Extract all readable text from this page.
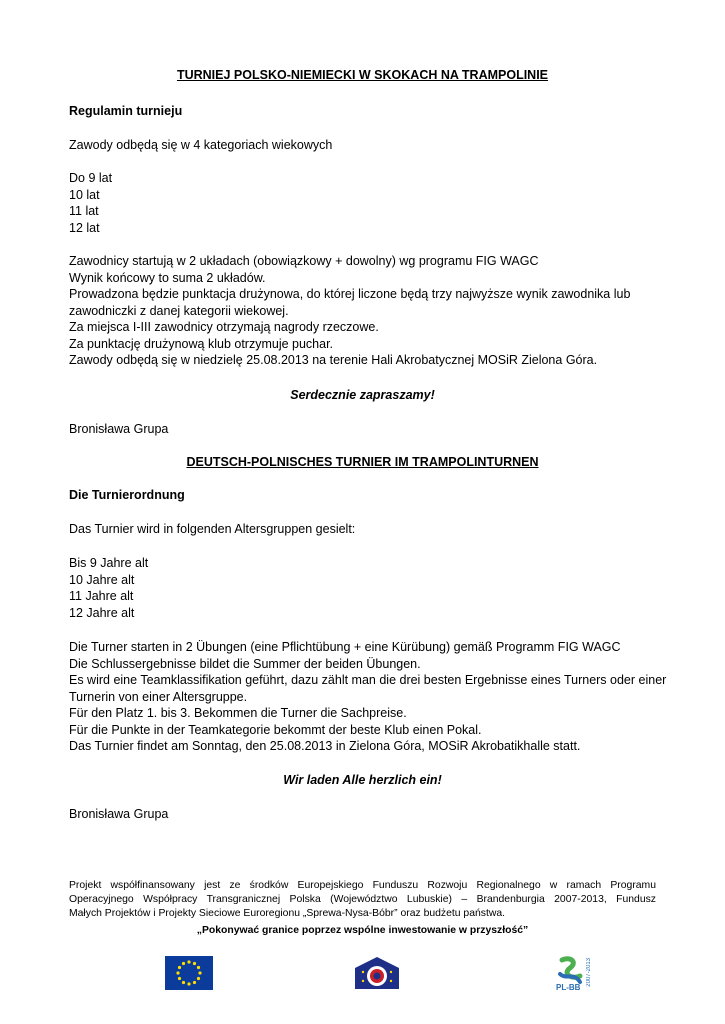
TURNIEJ POLSKO-NIEMIECKI W SKOKACH NA TRAMPOLINIE
Regulamin turnieju
Zawody odbędą się w 4 kategoriach wiekowych
Do 9 lat
10 lat
11 lat
12 lat
Zawodnicy startują w 2 układach (obowiązkowy + dowolny) wg programu FIG WAGC
Wynik końcowy to suma 2 układów.
Prowadzona będzie punktacja drużynowa, do której liczone będą trzy najwyższe wynik zawodnika lub
zawodniczki z danej kategorii wiekowej.
Za miejsca I-III zawodnicy otrzymają nagrody rzeczowe.
Za punktację drużynową klub otrzymuje puchar.
Zawody odbędą się w niedzielę 25.08.2013 na terenie Hali Akrobatycznej MOSiR Zielona Góra.
Serdecznie zapraszamy!
Bronisława Grupa
DEUTSCH-POLNISCHES TURNIER IM TRAMPOLINTURNEN
Die Turnierordnung
Das Turnier wird in folgenden Altersgruppen gesielt:
Bis 9 Jahre alt
10 Jahre alt
11 Jahre alt
12 Jahre alt
Die Turner starten in 2 Übungen (eine Pflichtübung + eine Kürübung) gemäß Programm FIG WAGC
Die Schlussergebnisse bildet die Summer der beiden Übungen.
Es wird eine Teamklassifikation geführt, dazu zählt man die drei besten Ergebnisse eines Turners oder einer
Turnerin von einer Altersgruppe.
Für den Platz 1. bis 3. Bekommen die Turner die Sachpreise.
Für die Punkte in der Teamkategorie bekommt der beste Klub einen Pokal.
Das Turnier findet am Sonntag, den 25.08.2013 in Zielona Góra, MOSiR Akrobatikhalle statt.
Wir laden Alle herzlich ein!
Bronisława Grupa
Projekt współfinansowany jest ze środków Europejskiego Funduszu Rozwoju Regionalnego w ramach Programu
Operacyjnego Współpracy Transgranicznej Polska (Województwo Lubuskie) – Brandenburgia 2007-2013, Fundusz
Małych Projektów i Projekty Sieciowe Euroregionu „Sprewa-Nysa-Bóbr” oraz budżetu państwa.
„Pokonywać granice poprzez wspólne inwestowanie w przyszłość”
PL-BB
2007-2013
